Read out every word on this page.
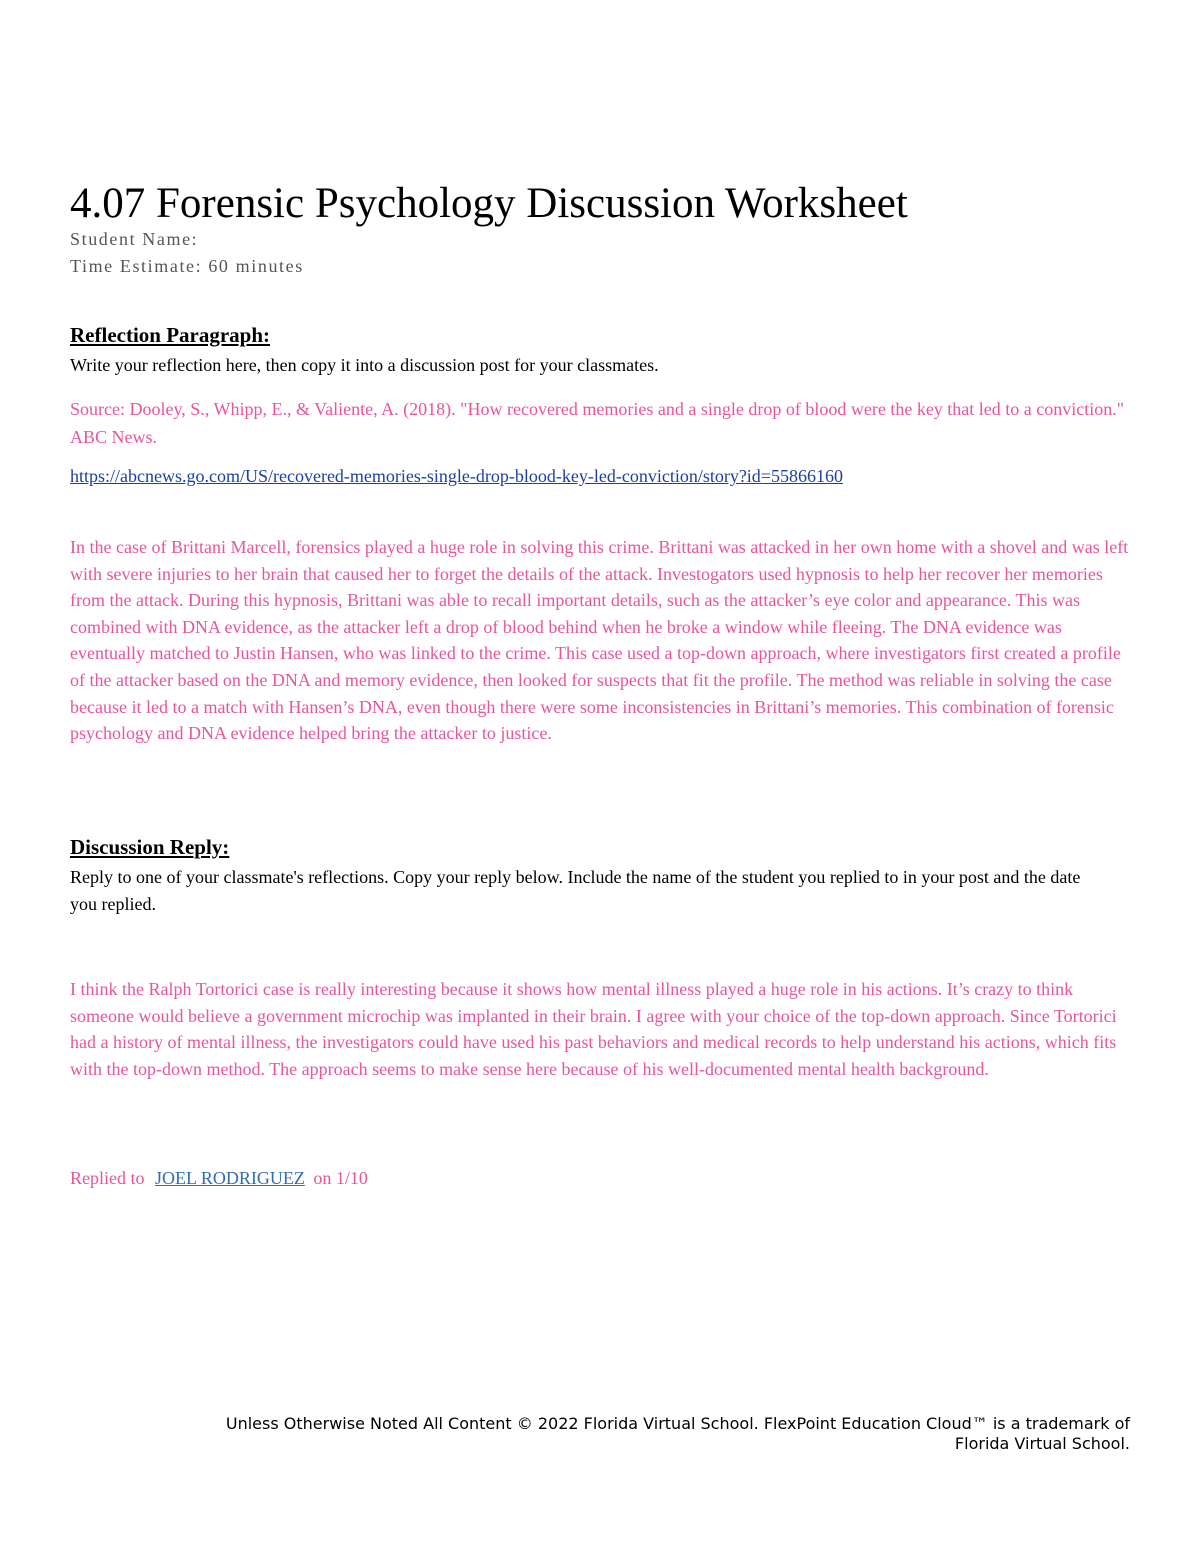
4.07 Forensic Psychology Discussion Worksheet
Student Name:
Time Estimate: 60 minutes
Reflection Paragraph:

Write your reflection here, then copy it into a discussion post for your classmates.

Source: Dooley, S., Whipp, E., & Valiente, A. (2018). "How recovered memories and a single drop of blood were the key that led to a conviction." ABC News.

https://abcnews.go.com/US/recovered-memories-single-drop-blood-key-led-conviction/story?id=55866160

In the case of Brittani Marcell, forensics played a huge role in solving this crime. Brittani was attacked in her own home with a shovel and was left with severe injuries to her brain that caused her to forget the details of the attack. Investogators used hypnosis to help her recover her memories from the attack. During this hypnosis, Brittani was able to recall important details, such as the attacker’s eye color and appearance. This was combined with DNA evidence, as the attacker left a drop of blood behind when he broke a window while fleeing. The DNA evidence was eventually matched to Justin Hansen, who was linked to the crime. This case used a top-down approach, where investigators first created a profile of the attacker based on the DNA and memory evidence, then looked for suspects that fit the profile. The method was reliable in solving the case because it led to a match with Hansen’s DNA, even though there were some inconsistencies in Brittani’s memories. This combination of forensic psychology and DNA evidence helped bring the attacker to justice.

Discussion Reply:

Reply to one of your classmate's reflections. Copy your reply below. Include the name of the student you replied to in your post and the date you replied.

I think the Ralph Tortorici case is really interesting because it shows how mental illness played a huge role in his actions. It’s crazy to think someone would believe a government microchip was implanted in their brain. I agree with your choice of the top-down approach. Since Tortorici had a history of mental illness, the investigators could have used his past behaviors and medical records to help understand his actions, which fits with the top-down method. The approach seems to make sense here because of his well-documented mental health background.

Replied to JOEL RODRIGUEZ on 1/10

Unless Otherwise Noted All Content © 2022 Florida Virtual School. FlexPoint Education Cloud™ is a trademark of
Florida Virtual School.
